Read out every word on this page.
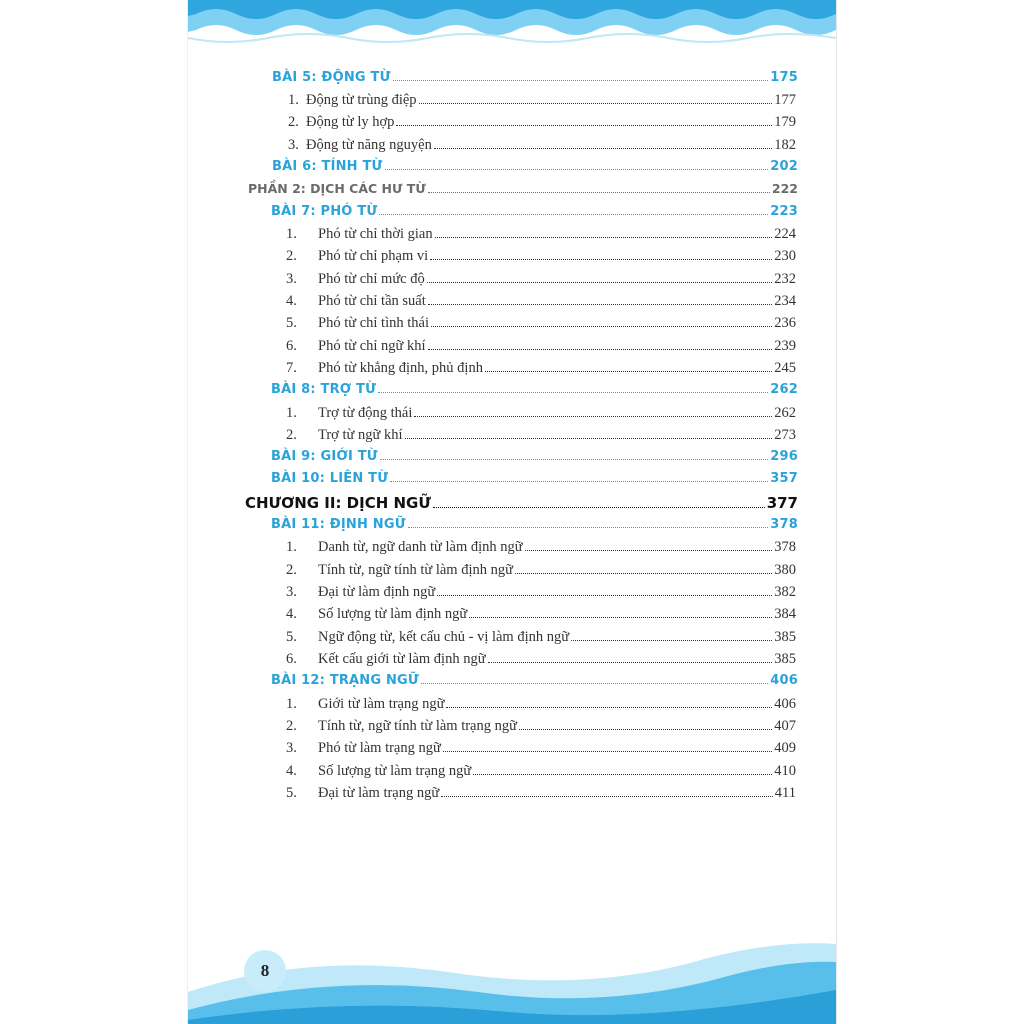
BÀI 5: ĐỘNG TỪ	175
1. Động từ trùng điệp	177
2. Động từ ly hợp	179
3. Động từ năng nguyện	182
BÀI 6: TÍNH TỪ	202
PHẦN 2: DỊCH CÁC HƯ TỪ	222
BÀI 7: PHÓ TỪ	223
1. Phó từ chỉ thời gian	224
2. Phó từ chỉ phạm vi	230
3. Phó từ chỉ mức độ	232
4. Phó từ chỉ tần suất	234
5. Phó từ chỉ tình thái	236
6. Phó từ chỉ ngữ khí	239
7. Phó từ khẳng định, phủ định	245
BÀI 8: TRỢ TỪ	262
1. Trợ từ động thái	262
2. Trợ từ ngữ khí	273
BÀI 9: GIỚI TỪ	296
BÀI 10: LIÊN TỪ	357
CHƯƠNG II: DỊCH NGỮ	377
BÀI 11: ĐỊNH NGỮ	378
1. Danh từ, ngữ danh từ làm định ngữ	378
2. Tính từ, ngữ tính từ làm định ngữ	380
3. Đại từ làm định ngữ	382
4. Số lượng từ làm định ngữ	384
5. Ngữ động từ, kết cấu chủ - vị làm định ngữ	385
6. Kết cấu giới từ làm định ngữ	385
BÀI 12: TRẠNG NGỮ	406
1. Giới từ làm trạng ngữ	406
2. Tính từ, ngữ tính từ làm trạng ngữ	407
3. Phó từ làm trạng ngữ	409
4. Số lượng từ làm trạng ngữ	410
5. Đại từ làm trạng ngữ	411
8
